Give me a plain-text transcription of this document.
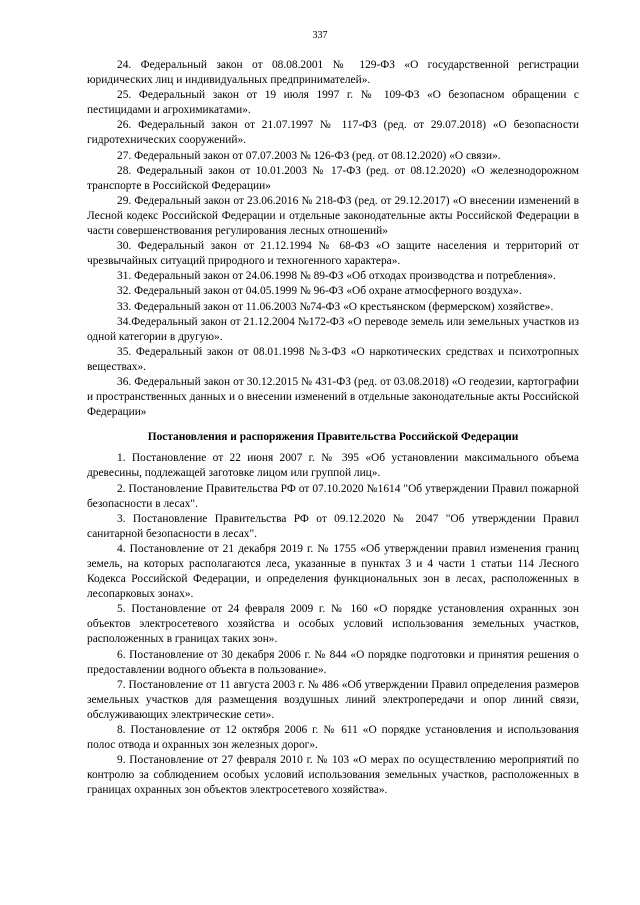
337

24. Федеральный закон от 08.08.2001 № 129-ФЗ «О государственной регистрации юридических лиц и индивидуальных предпринимателей».

25. Федеральный закон от 19 июля 1997 г. № 109-ФЗ «О безопасном обращении с пестицидами и агрохимикатами».

26. Федеральный закон от 21.07.1997 № 117-ФЗ (ред. от 29.07.2018) «О безопасности гидротехнических сооружений».

27. Федеральный закон от 07.07.2003 № 126-ФЗ (ред. от 08.12.2020) «О связи».

28. Федеральный закон от 10.01.2003 № 17-ФЗ (ред. от 08.12.2020) «О железнодорожном транспорте в Российской Федерации»

29. Федеральный закон от 23.06.2016 № 218-ФЗ (ред. от 29.12.2017) «О внесении изменений в Лесной кодекс Российской Федерации и отдельные законодательные акты Российской Федерации в части совершенствования регулирования лесных отношений»

30. Федеральный закон от 21.12.1994 № 68-ФЗ «О защите населения и территорий от чрезвычайных ситуаций природного и техногенного характера».

31. Федеральный закон от 24.06.1998 № 89-ФЗ «Об отходах производства и потребления».

32. Федеральный закон от 04.05.1999 № 96-ФЗ «Об охране атмосферного воздуха».

33. Федеральный закон от 11.06.2003 №74-ФЗ «О крестьянском (фермерском) хозяйстве».

34.Федеральный закон от 21.12.2004 №172-ФЗ «О переводе земель или земельных участков из одной категории в другую».

35. Федеральный закон от 08.01.1998 №3-ФЗ «О наркотических средствах и психотропных веществах».

36. Федеральный закон от 30.12.2015 № 431-ФЗ (ред. от 03.08.2018) «О геодезии, картографии и пространственных данных и о внесении изменений в отдельные законодательные акты Российской Федерации»

Постановления и распоряжения Правительства Российской Федерации

1. Постановление от 22 июня 2007 г. № 395 «Об установлении максимального объема древесины, подлежащей заготовке лицом или группой лиц».

2. Постановление Правительства РФ от 07.10.2020 №1614 "Об утверждении Правил пожарной безопасности в лесах".

3. Постановление Правительства РФ от 09.12.2020 № 2047 "Об утверждении Правил санитарной безопасности в лесах".

4. Постановление от 21 декабря 2019 г. № 1755 «Об утверждении правил изменения границ земель, на которых располагаются леса, указанные в пунктах 3 и 4 части 1 статьи 114 Лесного Кодекса Российской Федерации, и определения функциональных зон в лесах, расположенных в лесопарковых зонах».

5. Постановление от 24 февраля 2009 г. № 160 «О порядке установления охранных зон объектов электросетевого хозяйства и особых условий использования земельных участков, расположенных в границах таких зон».

6. Постановление от 30 декабря 2006 г. № 844 «О порядке подготовки и принятия решения о предоставлении водного объекта в пользование».

7. Постановление от 11 августа 2003 г. № 486 «Об утверждении Правил определения размеров земельных участков для размещения воздушных линий электропередачи и опор линий связи, обслуживающих электрические сети».

8. Постановление от 12 октября 2006 г. № 611 «О порядке установления и использования полос отвода и охранных зон железных дорог».

9. Постановление от 27 февраля 2010 г. № 103 «О мерах по осуществлению мероприятий по контролю за соблюдением особых условий использования земельных участков, расположенных в границах охранных зон объектов электросетевого хозяйства».
